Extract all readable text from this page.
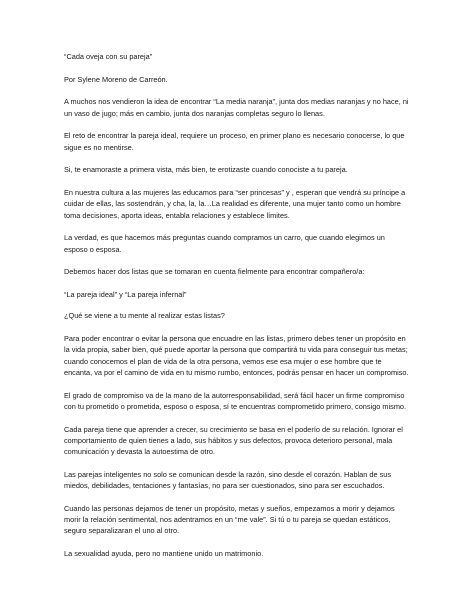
“Cada oveja con su pareja”

Por Sylene Moreno de Carreón.

A muchos nos vendieron la idea de encontrar “La media naranja”, junta dos medias naranjas y no hace, ni un vaso de jugo; más en cambio, junta dos naranjas completas seguro lo llenas.

El reto de encontrar la pareja ideal, requiere un proceso, en primer plano es necesario conocerse, lo que sigue es no mentirse.

Si, te enamoraste a primera vista, más bien, te erotizaste cuando conociste a tu pareja.

En nuestra cultura a las mujeres las educamos para “ser princesas” y , esperan que vendrá su príncipe a cuidar de ellas, las sostendrán, y cha, la, la…La realidad es diferente, una mujer tanto como un hombre toma decisiones, aporta ideas, entabla relaciones y establece límites.

La verdad, es que hacemos más preguntas cuando compramos un carro, que cuando elegimos un esposo o esposa.

Debemos hacer dos listas que se tomaran en cuenta fielmente para encontrar compañero/a:

“La pareja ideal” y “La pareja infernal”

¿Qué se viene a tu mente al realizar estas listas?

Para poder encontrar o evitar la persona que encuadre en las listas, primero debes tener un propósito en la vida propia, saber bien, qué puede aportar la persona que compartirá tu vida para conseguir tus metas; cuando conocemos el plan de vida de la otra persona, vemos ese esa mujer o ese hombre que te encanta, va por el camino de vida en tu mismo rumbo, entonces, podrás pensar en hacer un compromiso.

El grado de compromiso va de la mano de la autorresponsabilidad, será fácil hacer un firme compromiso con tu prometido o prometida, esposo o esposa, sí te encuentras comprometido primero, consigo mismo.

Cada pareja tiene que aprender a crecer, su crecimiento se basa en el poderío de su relación. Ignorar el comportamiento de quien tienes a lado, sus hábitos y sus defectos, provoca deterioro personal, mala comunicación y devasta la autoestima de otro.

Las parejas inteligentes no solo se comunican desde la razón, sino desde el corazón. Hablan de sus miedos, debilidades, tentaciones y fantasías, no para ser cuestionados, sino para ser escuchados.

Cuando las personas dejamos de tener un propósito, metas y sueños, empezamos a morir y dejamos morir la relación sentimental, nos adentramos en un “me vale”. Si tú o tu pareja se quedan estáticos, seguro separalizaran el uno al otro.

La sexualidad ayuda, pero no mantiene unido un matrimonio.
